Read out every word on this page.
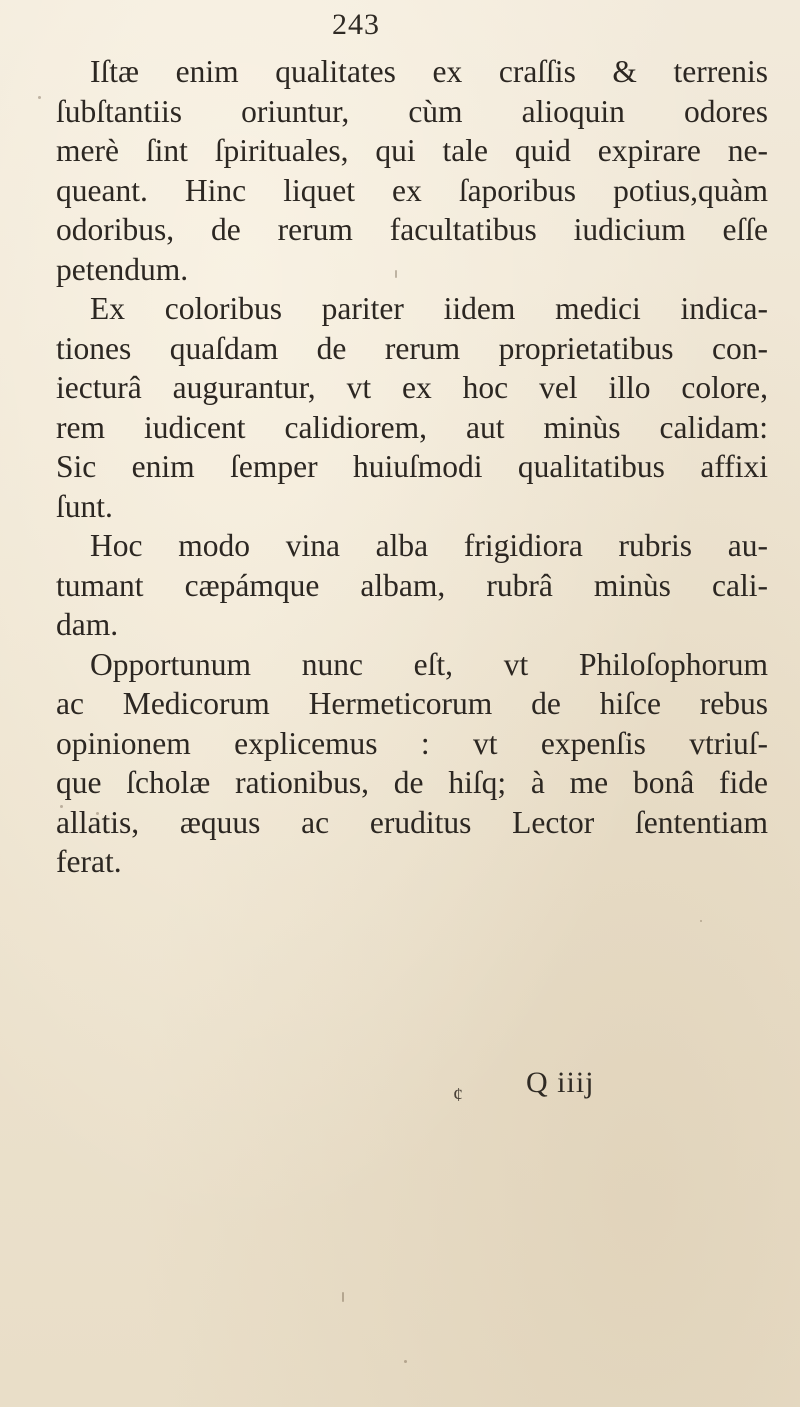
243
Iſtæ enim qualitates ex craſſis & terrenis
ſubſtantiis oriuntur, cùm alioquin odores
merè ſint ſpirituales, qui tale quid expirare ne-
queant. Hinc liquet ex ſaporibus potius,quàm
odoribus, de rerum facultatibus iudicium eſſe
petendum.
Ex coloribus pariter iidem medici indica-
tiones quaſdam de rerum proprietatibus con-
iecturâ augurantur, vt ex hoc vel illo colore,
rem iudicent calidiorem, aut minùs calidam:
Sic enim ſemper huiuſmodi qualitatibus affixi
ſunt.
Hoc modo vina alba frigidiora rubris au-
tumant cæpámque albam, rubrâ minùs cali-
dam.
Opportunum nunc eſt, vt Philoſophorum
ac Medicorum Hermeticorum de hiſce rebus
opinionem explicemus : vt expenſis vtriuſ-
que ſcholæ rationibus, de hiſq; à me bonâ fide
allatis, æquus ac eruditus Lector ſententiam
ferat.
¢ Q iiij
